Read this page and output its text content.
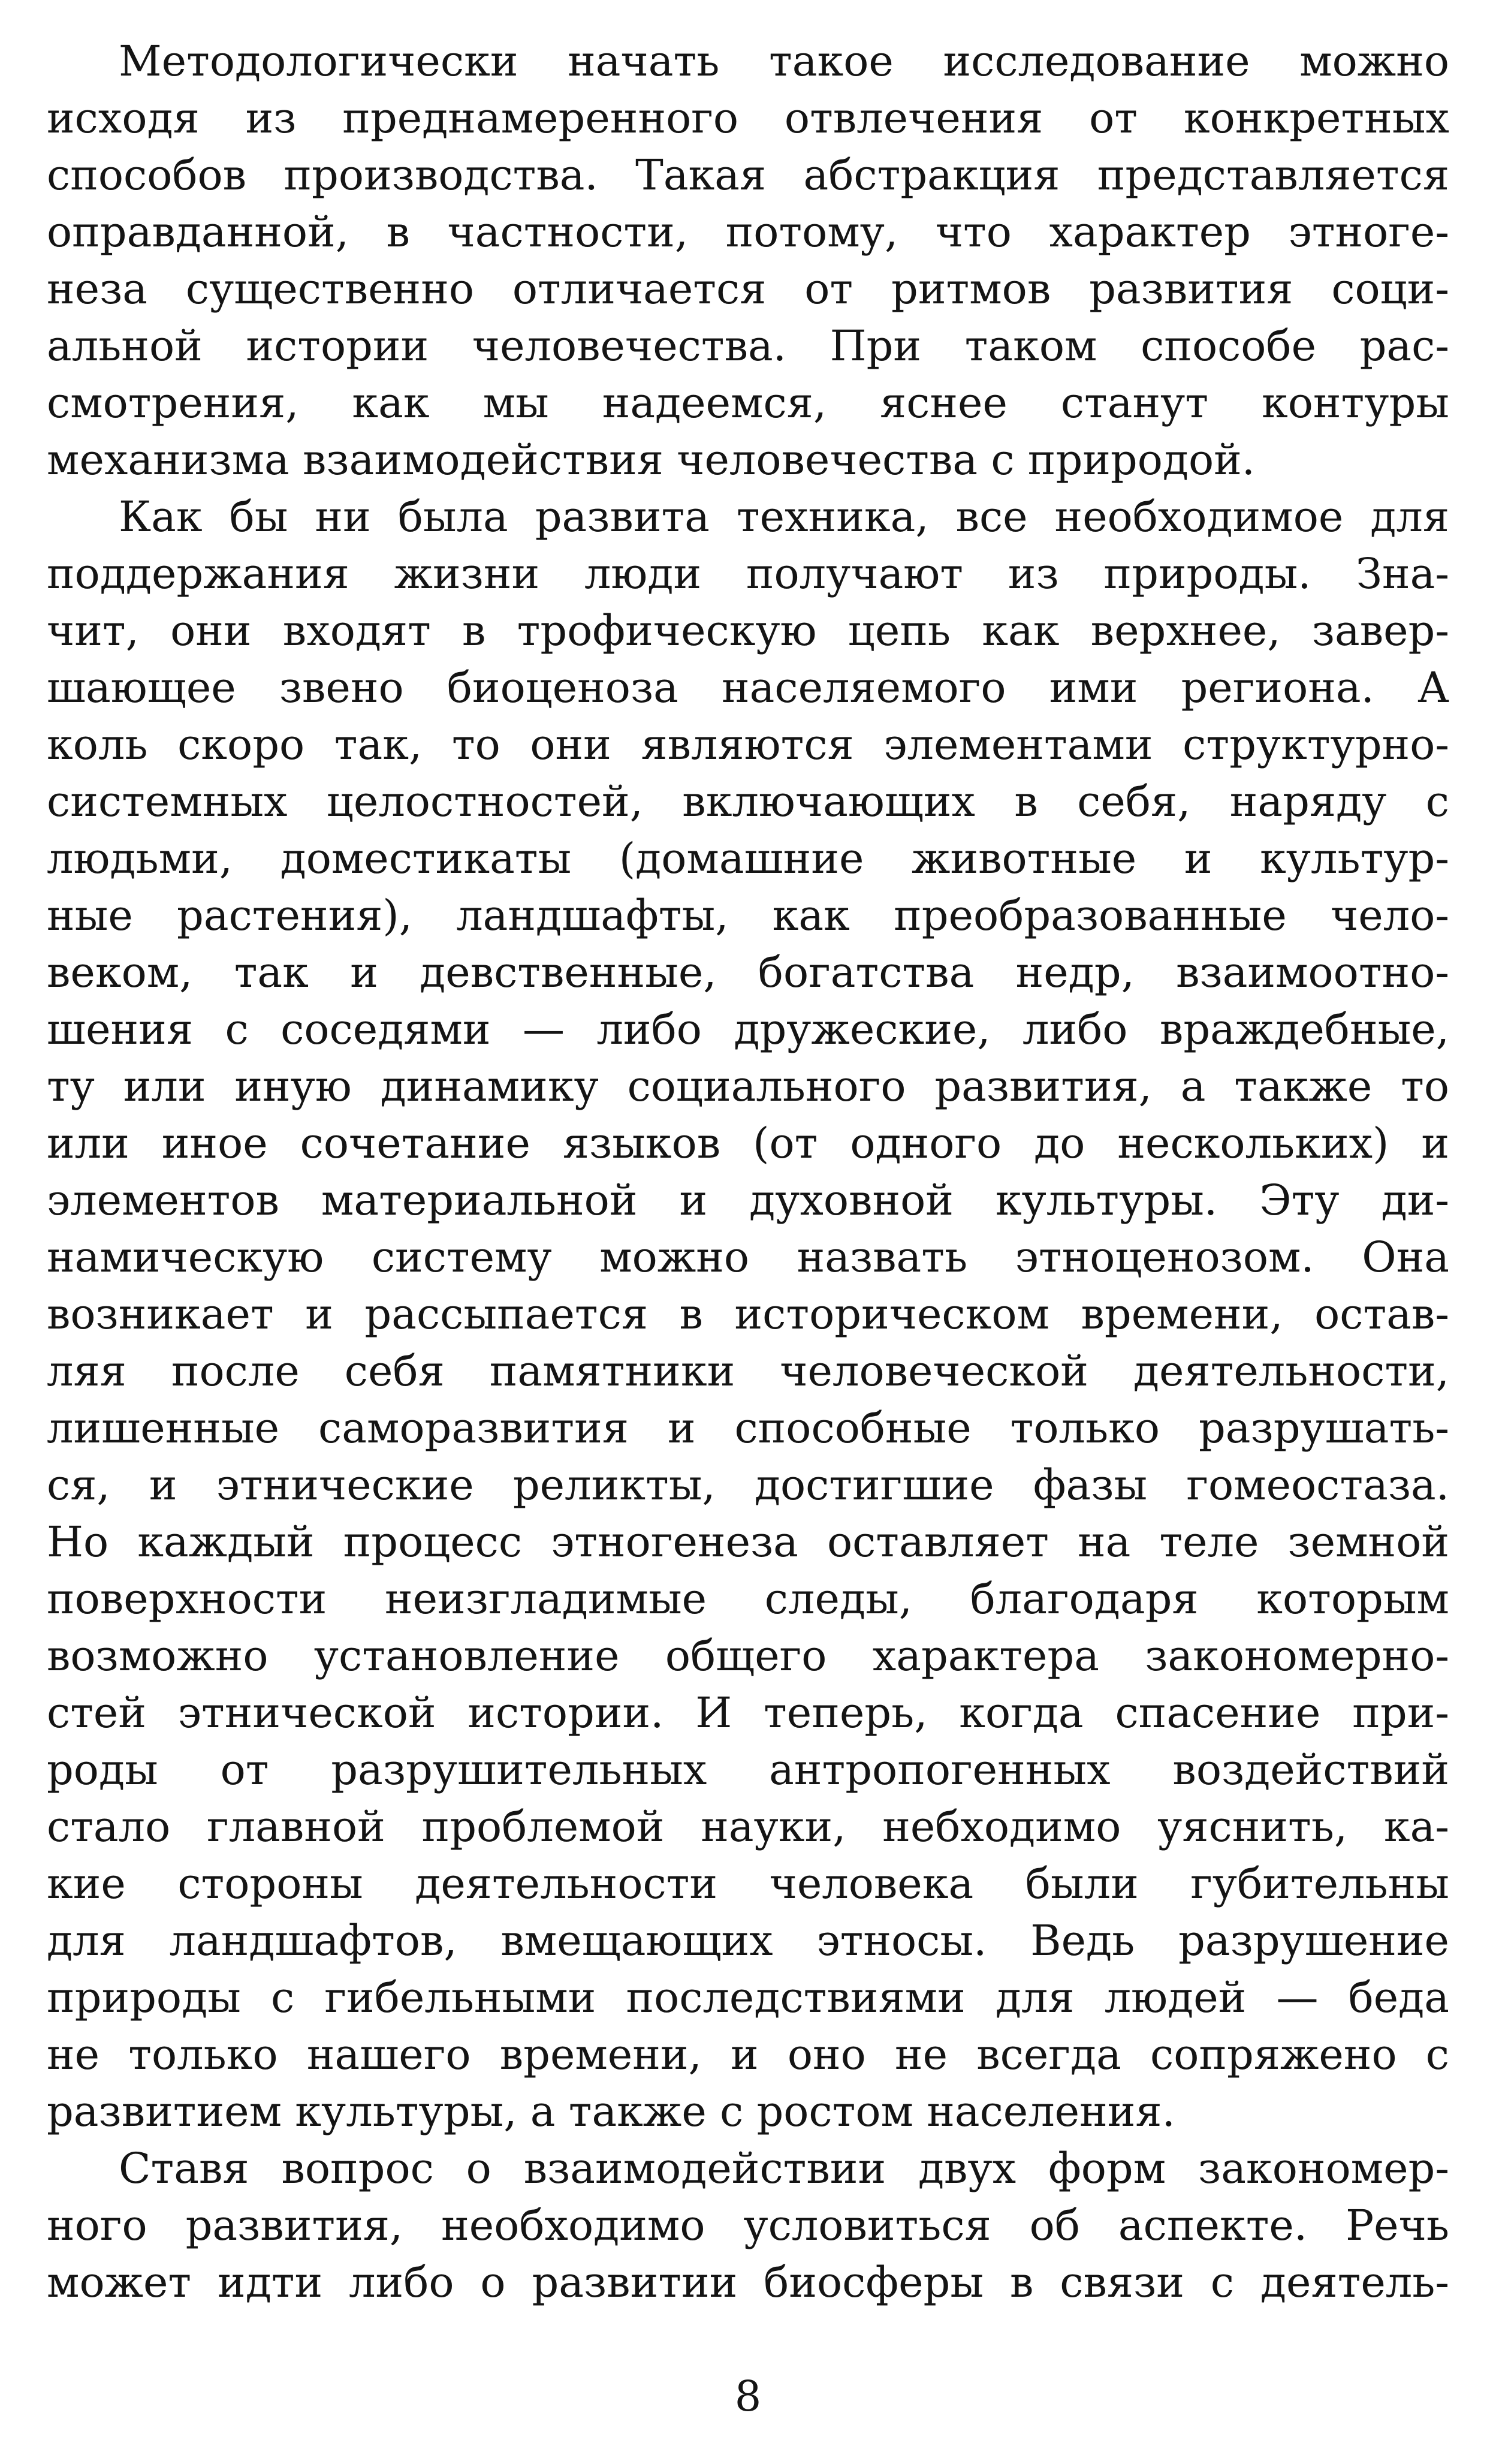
Методологически начать такое исследование можно
исходя из преднамеренного отвлечения от конкретных
способов производства. Такая абстракция представляется
оправданной, в частности, потому, что характер этноге-
неза существенно отличается от ритмов развития соци-
альной истории человечества. При таком способе рас-
смотрения, как мы надеемся, яснее станут контуры
механизма взаимодействия человечества с природой.
Как бы ни была развита техника, все необходимое для
поддержания жизни люди получают из природы. Зна-
чит, они входят в трофическую цепь как верхнее, завер-
шающее звено биоценоза населяемого ими региона. А
коль скоро так, то они являются элементами структурно-
системных целостностей, включающих в себя, наряду с
людьми, доместикаты (домашние животные и культур-
ные растения), ландшафты, как преобразованные чело-
веком, так и девственные, богатства недр, взаимоотно-
шения с соседями — либо дружеские, либо враждебные,
ту или иную динамику социального развития, а также то
или иное сочетание языков (от одного до нескольких) и
элементов материальной и духовной культуры. Эту ди-
намическую систему можно назвать этноценозом. Она
возникает и рассыпается в историческом времени, остав-
ляя после себя памятники человеческой деятельности,
лишенные саморазвития и способные только разрушать-
ся, и этнические реликты, достигшие фазы гомеостаза.
Но каждый процесс этногенеза оставляет на теле земной
поверхности неизгладимые следы, благодаря которым
возможно установление общего характера закономерно-
стей этнической истории. И теперь, когда спасение при-
роды от разрушительных антропогенных воздействий
стало главной проблемой науки, небходимо уяснить, ка-
кие стороны деятельности человека были губительны
для ландшафтов, вмещающих этносы. Ведь разрушение
природы с гибельными последствиями для людей — беда
не только нашего времени, и оно не всегда сопряжено с
развитием культуры, а также с ростом населения.
Ставя вопрос о взаимодействии двух форм закономер-
ного развития, необходимо условиться об аспекте. Речь
может идти либо о развитии биосферы в связи с деятель-
8
